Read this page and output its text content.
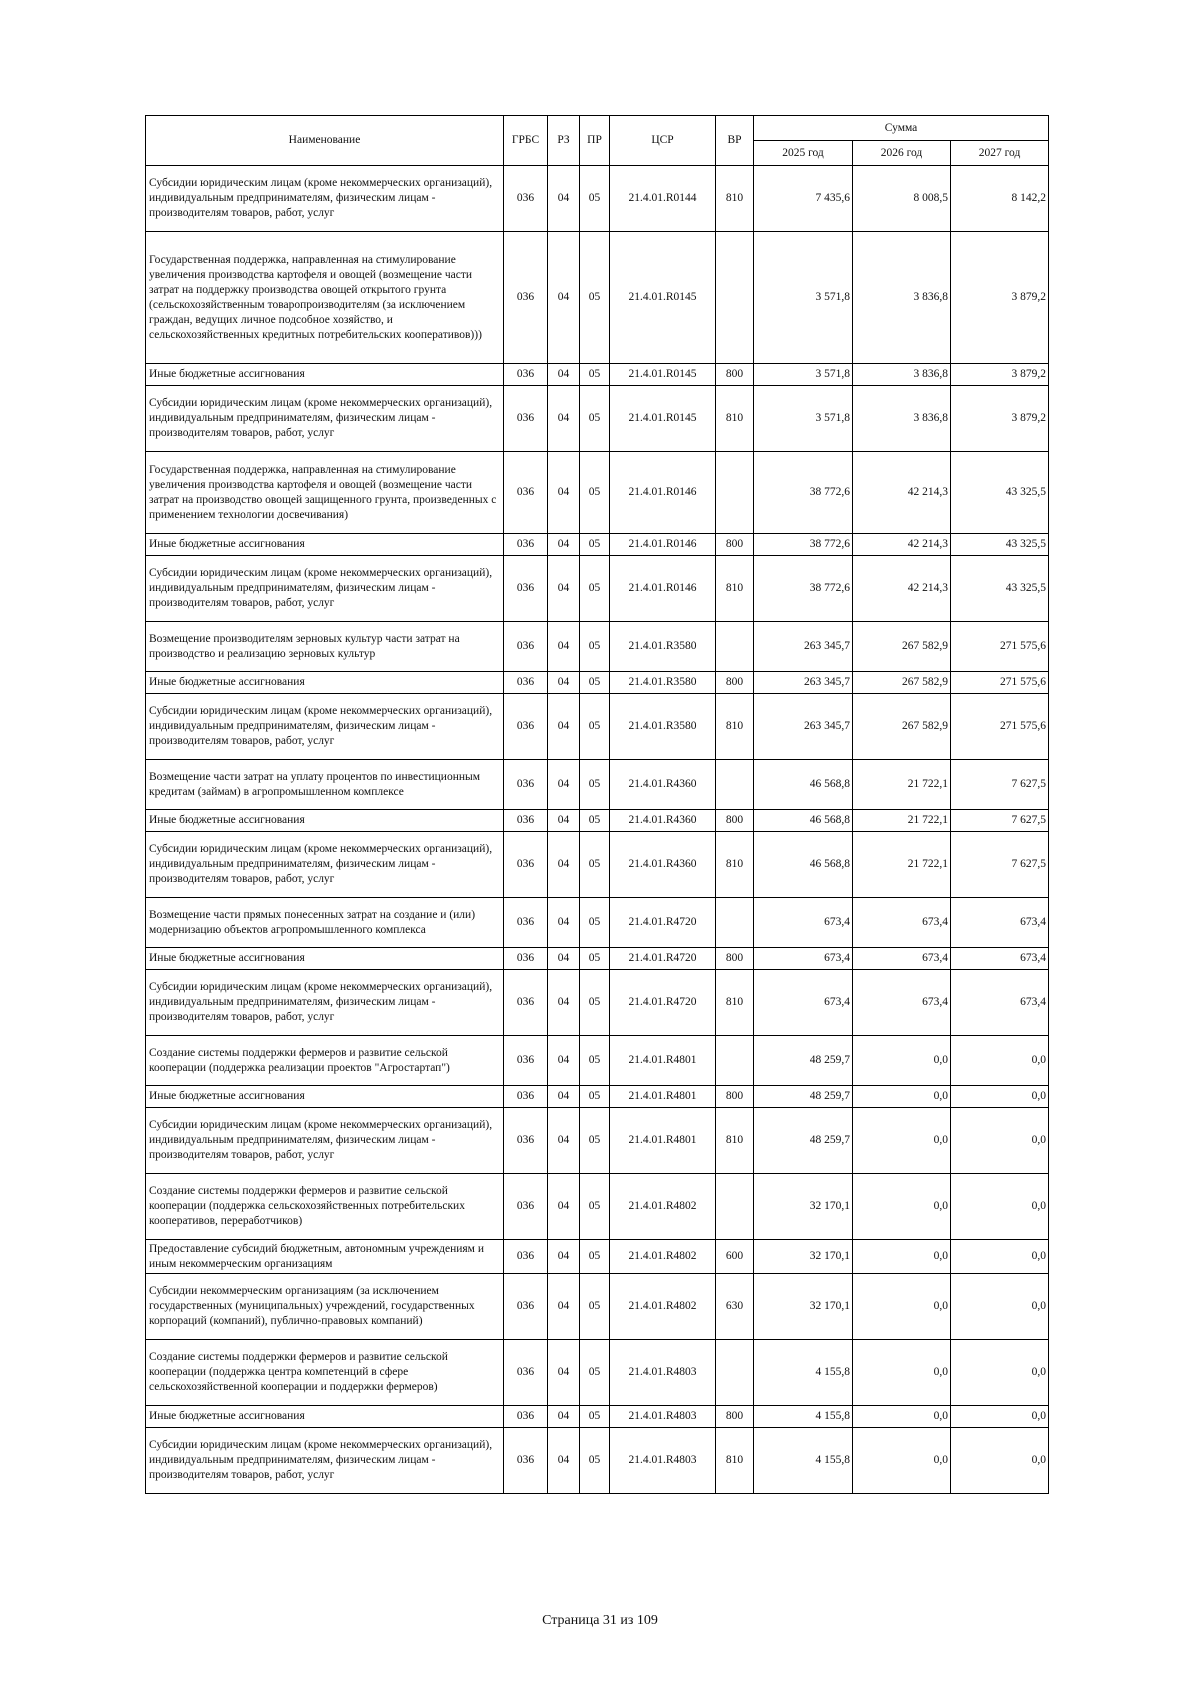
Наименование	ГРБС	РЗ	ПР	ЦСР	ВР	Сумма		
						2025 год	2026 год	2027 год
Субсидии юридическим лицам (кроме некоммерческих организаций), индивидуальным предпринимателям, физическим лицам - производителям товаров, работ, услуг	036	04	05	21.4.01.R0144	810	7 435,6	8 008,5	8 142,2
Государственная поддержка, направленная на стимулирование увеличения производства картофеля и овощей (возмещение части затрат на поддержку производства овощей открытого грунта (сельскохозяйственным товаропроизводителям (за исключением граждан, ведущих личное подсобное хозяйство, и сельскохозяйственных кредитных потребительских кооперативов)))	036	04	05	21.4.01.R0145		3 571,8	3 836,8	3 879,2
Иные бюджетные ассигнования	036	04	05	21.4.01.R0145	800	3 571,8	3 836,8	3 879,2
Субсидии юридическим лицам (кроме некоммерческих организаций), индивидуальным предпринимателям, физическим лицам - производителям товаров, работ, услуг	036	04	05	21.4.01.R0145	810	3 571,8	3 836,8	3 879,2
Государственная поддержка, направленная на стимулирование увеличения производства картофеля и овощей (возмещение части затрат на производство овощей защищенного грунта, произведенных с применением технологии досвечивания)	036	04	05	21.4.01.R0146		38 772,6	42 214,3	43 325,5
Иные бюджетные ассигнования	036	04	05	21.4.01.R0146	800	38 772,6	42 214,3	43 325,5
Субсидии юридическим лицам (кроме некоммерческих организаций), индивидуальным предпринимателям, физическим лицам - производителям товаров, работ, услуг	036	04	05	21.4.01.R0146	810	38 772,6	42 214,3	43 325,5
Возмещение производителям зерновых культур части затрат на производство и реализацию зерновых культур	036	04	05	21.4.01.R3580		263 345,7	267 582,9	271 575,6
Иные бюджетные ассигнования	036	04	05	21.4.01.R3580	800	263 345,7	267 582,9	271 575,6
Субсидии юридическим лицам (кроме некоммерческих организаций), индивидуальным предпринимателям, физическим лицам - производителям товаров, работ, услуг	036	04	05	21.4.01.R3580	810	263 345,7	267 582,9	271 575,6
Возмещение части затрат на уплату процентов по инвестиционным кредитам (займам) в агропромышленном комплексе	036	04	05	21.4.01.R4360		46 568,8	21 722,1	7 627,5
Иные бюджетные ассигнования	036	04	05	21.4.01.R4360	800	46 568,8	21 722,1	7 627,5
Субсидии юридическим лицам (кроме некоммерческих организаций), индивидуальным предпринимателям, физическим лицам - производителям товаров, работ, услуг	036	04	05	21.4.01.R4360	810	46 568,8	21 722,1	7 627,5
Возмещение части прямых понесенных затрат на создание и (или) модернизацию объектов агропромышленного комплекса	036	04	05	21.4.01.R4720		673,4	673,4	673,4
Иные бюджетные ассигнования	036	04	05	21.4.01.R4720	800	673,4	673,4	673,4
Субсидии юридическим лицам (кроме некоммерческих организаций), индивидуальным предпринимателям, физическим лицам - производителям товаров, работ, услуг	036	04	05	21.4.01.R4720	810	673,4	673,4	673,4
Создание системы поддержки фермеров и развитие сельской кооперации (поддержка реализации проектов "Агростартап")	036	04	05	21.4.01.R4801		48 259,7	0,0	0,0
Иные бюджетные ассигнования	036	04	05	21.4.01.R4801	800	48 259,7	0,0	0,0
Субсидии юридическим лицам (кроме некоммерческих организаций), индивидуальным предпринимателям, физическим лицам - производителям товаров, работ, услуг	036	04	05	21.4.01.R4801	810	48 259,7	0,0	0,0
Создание системы поддержки фермеров и развитие сельской кооперации (поддержка сельскохозяйственных потребительских кооперативов, переработчиков)	036	04	05	21.4.01.R4802		32 170,1	0,0	0,0
Предоставление субсидий бюджетным, автономным учреждениям и иным некоммерческим организациям	036	04	05	21.4.01.R4802	600	32 170,1	0,0	0,0
Субсидии некоммерческим организациям (за исключением государственных (муниципальных) учреждений, государственных корпораций (компаний), публично-правовых компаний)	036	04	05	21.4.01.R4802	630	32 170,1	0,0	0,0
Создание системы поддержки фермеров и развитие сельской кооперации (поддержка центра компетенций в сфере сельскохозяйственной кооперации и поддержки фермеров)	036	04	05	21.4.01.R4803		4 155,8	0,0	0,0
Иные бюджетные ассигнования	036	04	05	21.4.01.R4803	800	4 155,8	0,0	0,0
Субсидии юридическим лицам (кроме некоммерческих организаций), индивидуальным предпринимателям, физическим лицам - производителям товаров, работ, услуг	036	04	05	21.4.01.R4803	810	4 155,8	0,0	0,0
Страница 31 из 109
